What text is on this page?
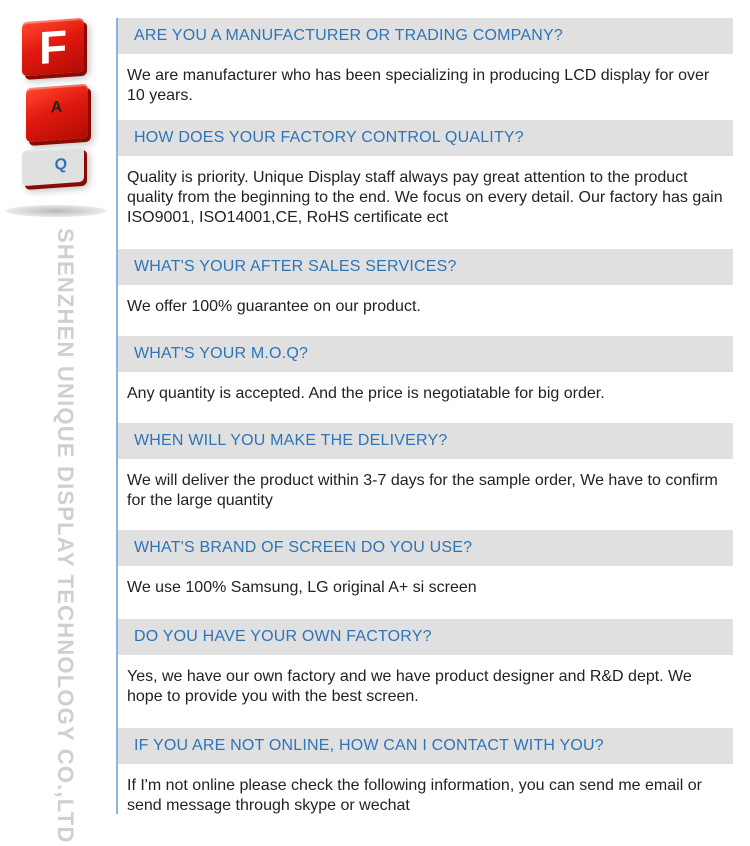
F
A
Q
SHENZHEN UNIQUE DISPLAY TECHNOLOGY CO.,LTD
ARE YOU A MANUFACTURER OR TRADING COMPANY?
We are manufacturer who has been specializing in producing LCD display for over 10 years.
HOW DOES YOUR FACTORY CONTROL QUALITY?
Quality is priority. Unique Display staff always pay great attention to the product quality from the beginning to the end. We focus on every detail. Our factory has gain ISO9001, ISO14001,CE, RoHS certificate ect
WHAT'S YOUR AFTER SALES SERVICES?
We offer 100% guarantee on our product.
WHAT'S YOUR M.O.Q?
Any quantity is accepted. And the price is negotiatable for big order.
WHEN WILL YOU MAKE THE DELIVERY?
We will deliver the product within 3-7 days for the sample order, We have to confirm for the large quantity
WHAT'S BRAND OF SCREEN DO YOU USE?
We use 100% Samsung, LG original A+ si screen
DO YOU HAVE YOUR OWN FACTORY?
Yes, we have our own factory and we have product designer and R&D dept. We hope to provide you with the best screen.
IF YOU ARE NOT ONLINE, HOW CAN I CONTACT WITH YOU?
If I'm not online please check the following information, you can send me email or send message through skype or wechat
